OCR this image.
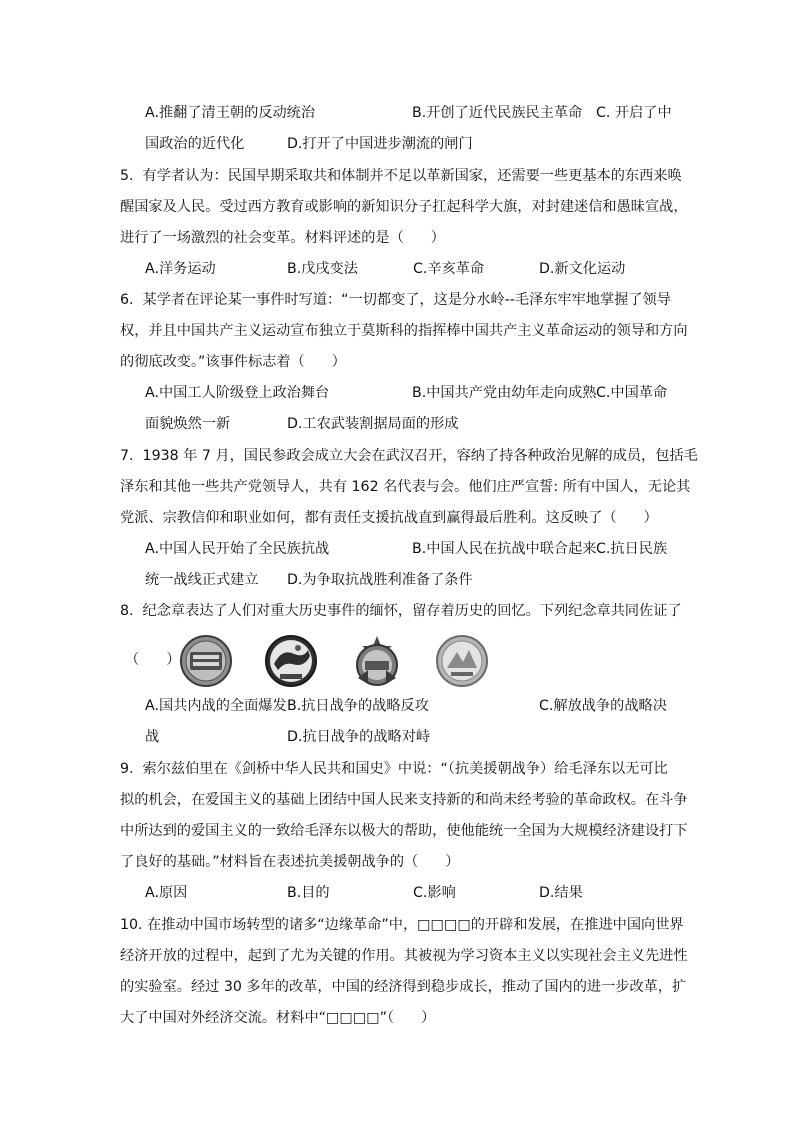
A.推翻了清王朝的反动统治	B.开创了近代民族民主革命 C. 开启了中
国政治的近代化	D.打开了中国进步潮流的闸门
5.  有学者认为：民国早期采取共和体制并不足以革新国家，还需要一些更基本的东西来唤
醒国家及人民。受过西方教育或影响的新知识分子扛起科学大旗，对封建迷信和愚昧宣战，
进行了一场激烈的社会变革。材料评述的是（      ）
A.洋务运动	B.戊戌变法	C.辛亥革命	D.新文化运动
6.  某学者在评论某一事件时写道：“一切都变了，这是分水岭--毛泽东牢牢地掌握了领导
权，并且中国共产主义运动宣布独立于莫斯科的指挥棒中国共产主义革命运动的领导和方向
的彻底改变。”该事件标志着（      ）
A.中国工人阶级登上政治舞台	B.中国共产党由幼年走向成熟 C.中国革命
面貌焕然一新	D.工农武装割据局面的形成
7.  1938 年 7 月，国民参政会成立大会在武汉召开，容纳了持各种政治见解的成员，包括毛
泽东和其他一些共产党领导人，共有 162 名代表与会。他们庄严宣誓: 所有中国人，无论其
党派、宗教信仰和职业如何，都有责任支援抗战直到赢得最后胜利。这反映了（      ）
A.中国人民开始了全民族抗战	B.中国人民在抗战中联合起来 C.抗日民族
统一战线正式建立 D.为争取抗战胜利准备了条件
8.  纪念章表达了人们对重大历史事件的缅怀，留存着历史的回忆。下列纪念章共同佐证了
（      ）
A.国共内战的全面爆发 B.抗日战争的战略反攻	C.解放战争的战略决
战	D.抗日战争的战略对峙
9.  索尔兹伯里在《剑桥中华人民共和国史》中说：“（抗美援朝战争）给毛泽东以无可比
拟的机会，在爱国主义的基础上团结中国人民来支持新的和尚未经考验的革命政权。在斗争
中所达到的爱国主义的一致给毛泽东以极大的帮助，使他能统一全国为大规模经济建设打下
了良好的基础。”材料旨在表述抗美援朝战争的（      ）
A.原因	B.目的	C.影响	D.结果
10. 在推动中国市场转型的诸多“边缘革命”中，□□□□的开辟和发展，在推进中国向世界
经济开放的过程中，起到了尤为关键的作用。其被视为学习资本主义以实现社会主义先进性
的实验室。经过 30 多年的改革，中国的经济得到稳步成长，推动了国内的进一步改革，扩
大了中国对外经济交流。材料中“□□□□”（      ）
